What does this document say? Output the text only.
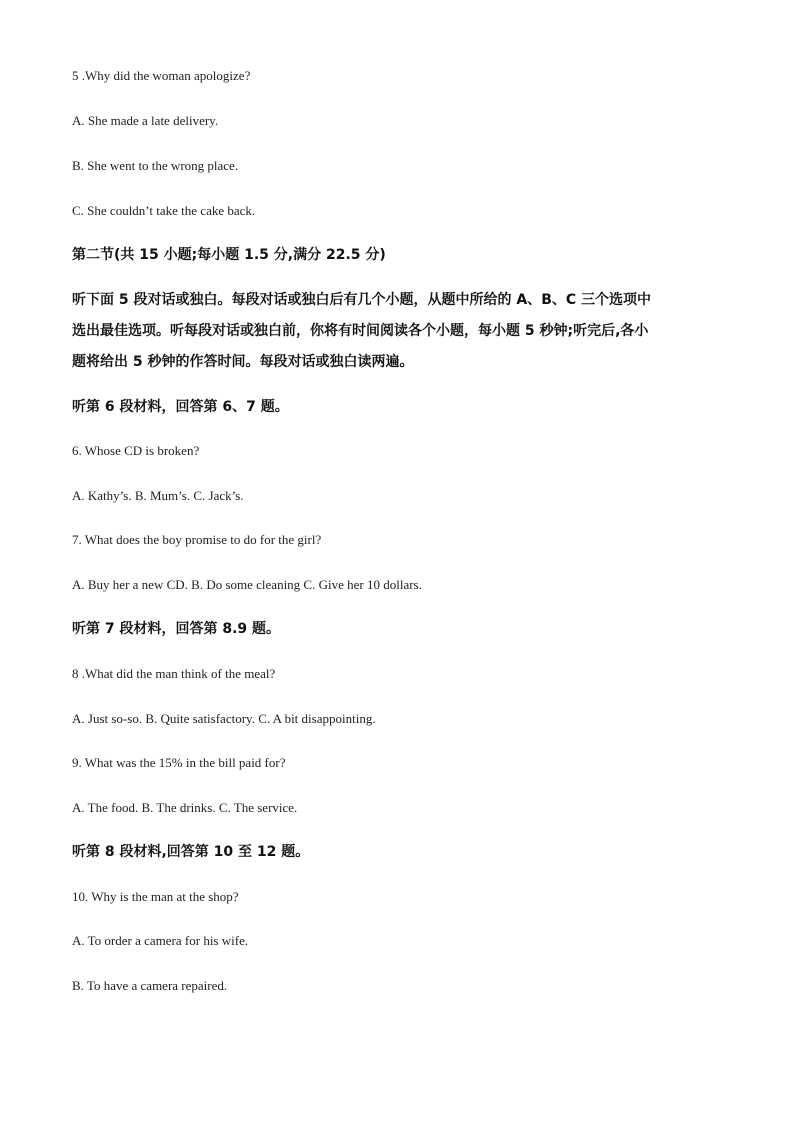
5 .Why did the woman apologize?
A. She made a late delivery.
B. She went to the wrong place.
C. She couldn’t take the cake back.
第二节(共 15 小题;每小题 1.5 分,满分 22.5 分)
听下面 5 段对话或独白。每段对话或独白后有几个小题，从题中所给的 A、B、C 三个选项中
选出最佳选项。听每段对话或独白前，你将有时间阅读各个小题，每小题 5 秒钟;听完后,各小
题将给出 5 秒钟的作答时间。每段对话或独白读两遍。
听第 6 段材料，回答第 6、7 题。
6. Whose CD is broken?
A. Kathy’s. B. Mum’s. C. Jack’s.
7. What does the boy promise to do for the girl?
A. Buy her a new CD. B. Do some cleaning C. Give her 10 dollars.
听第 7 段材料，回答第 8.9 题。
8 .What did the man think of the meal?
A. Just so-so. B. Quite satisfactory. C. A bit disappointing.
9. What was the 15% in the bill paid for?
A. The food. B. The drinks. C. The service.
听第 8 段材料,回答第 10 至 12 题。
10. Why is the man at the shop?
A. To order a camera for his wife.
B. To have a camera repaired.
